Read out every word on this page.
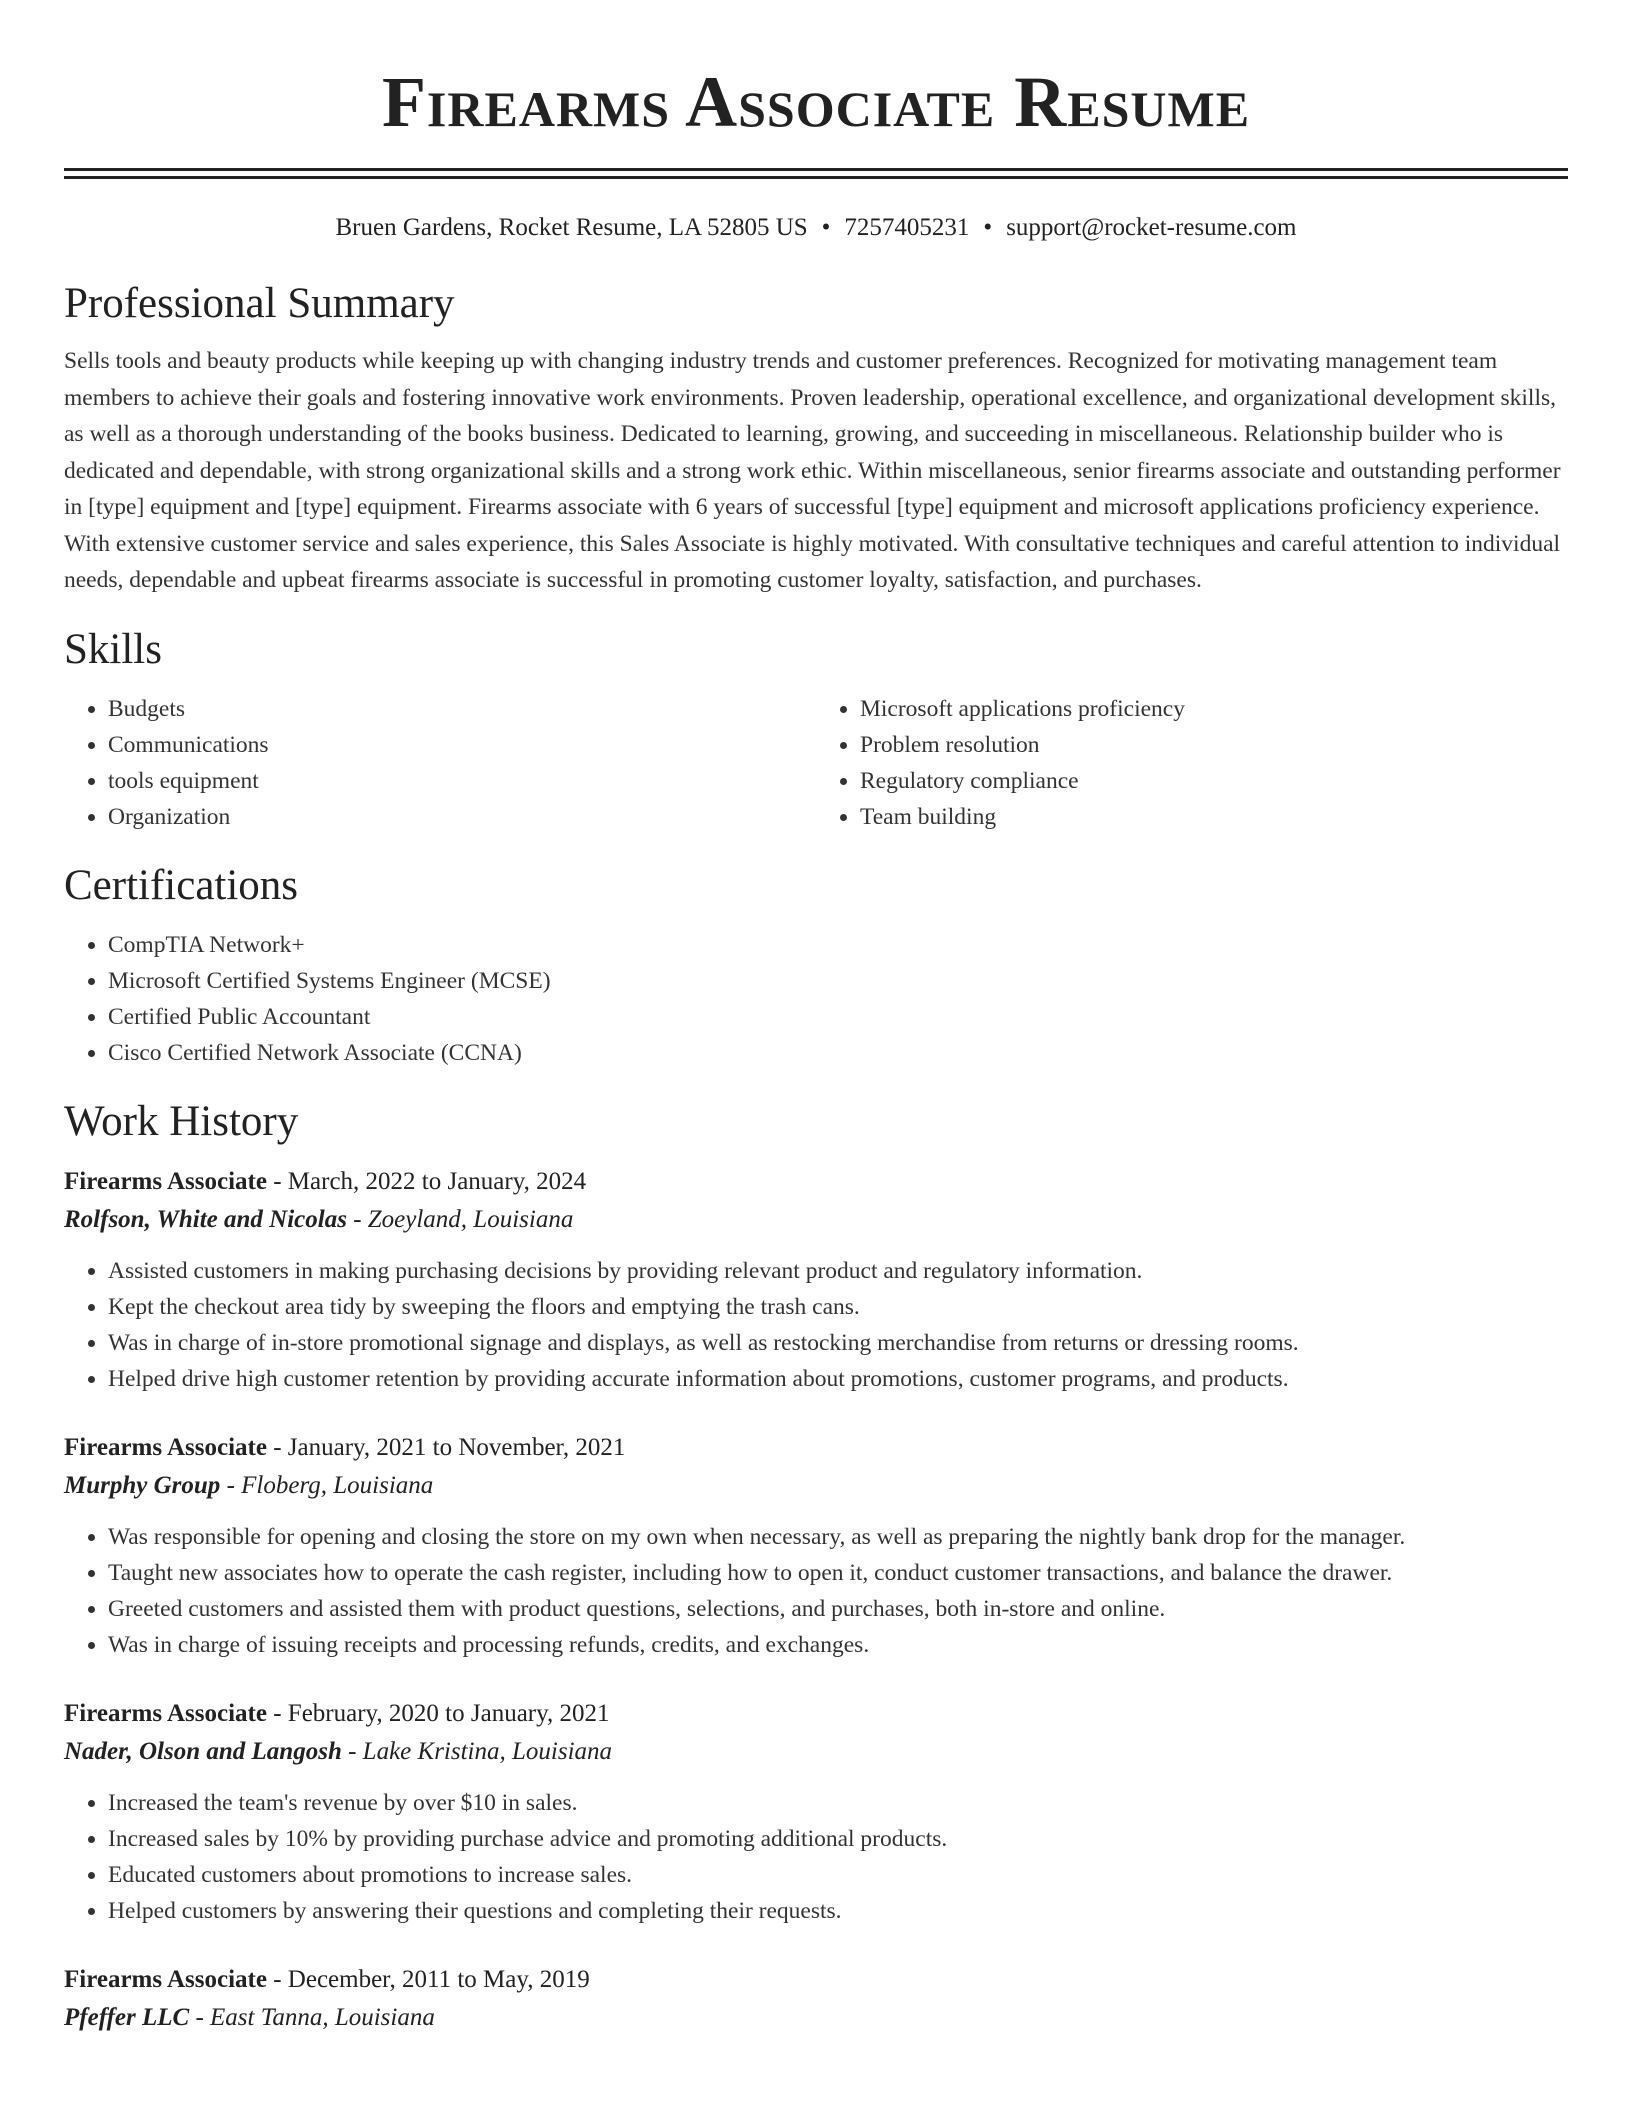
Firearms Associate Resume
Bruen Gardens, Rocket Resume, LA 52805 US • 7257405231 • support@rocket-resume.com
Professional Summary

Sells tools and beauty products while keeping up with changing industry trends and customer preferences. Recognized for motivating management team members to achieve their goals and fostering innovative work environments. Proven leadership, operational excellence, and organizational development skills, as well as a thorough understanding of the books business. Dedicated to learning, growing, and succeeding in miscellaneous. Relationship builder who is dedicated and dependable, with strong organizational skills and a strong work ethic. Within miscellaneous, senior firearms associate and outstanding performer in [type] equipment and [type] equipment. Firearms associate with 6 years of successful [type] equipment and microsoft applications proficiency experience. With extensive customer service and sales experience, this Sales Associate is highly motivated. With consultative techniques and careful attention to individual needs, dependable and upbeat firearms associate is successful in promoting customer loyalty, satisfaction, and purchases.

Skills
• Budgets
• Communications
• tools equipment
• Organization
• Microsoft applications proficiency
• Problem resolution
• Regulatory compliance
• Team building
Certifications
• CompTIA Network+
• Microsoft Certified Systems Engineer (MCSE)
• Certified Public Accountant
• Cisco Certified Network Associate (CCNA)
Work History
Firearms Associate - March, 2022 to January, 2024
Rolfson, White and Nicolas - Zoeyland, Louisiana
• Assisted customers in making purchasing decisions by providing relevant product and regulatory information.
• Kept the checkout area tidy by sweeping the floors and emptying the trash cans.
• Was in charge of in-store promotional signage and displays, as well as restocking merchandise from returns or dressing rooms.
• Helped drive high customer retention by providing accurate information about promotions, customer programs, and products.
Firearms Associate - January, 2021 to November, 2021
Murphy Group - Floberg, Louisiana
• Was responsible for opening and closing the store on my own when necessary, as well as preparing the nightly bank drop for the manager.
• Taught new associates how to operate the cash register, including how to open it, conduct customer transactions, and balance the drawer.
• Greeted customers and assisted them with product questions, selections, and purchases, both in-store and online.
• Was in charge of issuing receipts and processing refunds, credits, and exchanges.
Firearms Associate - February, 2020 to January, 2021
Nader, Olson and Langosh - Lake Kristina, Louisiana
• Increased the team's revenue by over $10 in sales.
• Increased sales by 10% by providing purchase advice and promoting additional products.
• Educated customers about promotions to increase sales.
• Helped customers by answering their questions and completing their requests.
Firearms Associate - December, 2011 to May, 2019
Pfeffer LLC - East Tanna, Louisiana
